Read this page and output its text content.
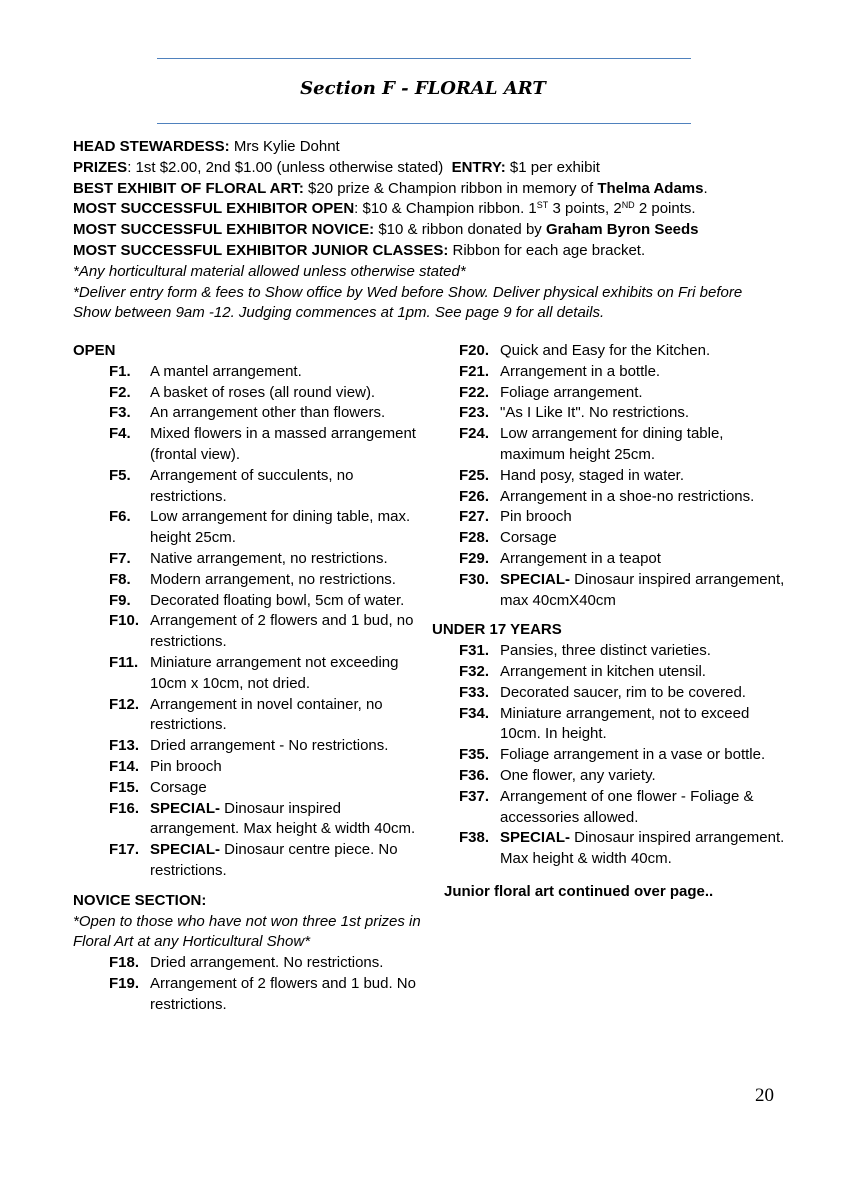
Section F - FLORAL ART
HEAD STEWARDESS: Mrs Kylie Dohnt
PRIZES: 1st $2.00, 2nd $1.00 (unless otherwise stated)  ENTRY: $1 per exhibit
BEST EXHIBIT OF FLORAL ART: $20 prize & Champion ribbon in memory of Thelma Adams.
MOST SUCCESSFUL EXHIBITOR OPEN: $10 & Champion ribbon. 1ST 3 points, 2ND 2 points.
MOST SUCCESSFUL EXHIBITOR NOVICE: $10 & ribbon donated by Graham Byron Seeds
MOST SUCCESSFUL EXHIBITOR JUNIOR CLASSES: Ribbon for each age bracket.
*Any horticultural material allowed unless otherwise stated*
*Deliver entry form & fees to Show office by Wed before Show. Deliver physical exhibits on Fri before Show between 9am -12. Judging commences at 1pm. See page 9 for all details.
OPEN
F1.	A mantel arrangement.
F2.	A basket of roses (all round view).
F3.	An arrangement other than flowers.
F4.	Mixed flowers in a massed arrangement (frontal view).
F5.	Arrangement of succulents, no restrictions.
F6.	Low arrangement for dining table, max. height 25cm.
F7.	Native arrangement, no restrictions.
F8.	Modern arrangement, no restrictions.
F9.	Decorated floating bowl, 5cm of water.
F10. Arrangement of 2 flowers and 1 bud, no restrictions.
F11. Miniature arrangement not exceeding 10cm x 10cm, not dried.
F12. Arrangement in novel container, no restrictions.
F13. Dried arrangement - No restrictions.
F14. Pin brooch
F15. Corsage
F16. SPECIAL- Dinosaur inspired arrangement. Max height & width 40cm.
F17. SPECIAL- Dinosaur centre piece. No restrictions.
NOVICE SECTION:
*Open to those who have not won three 1st prizes in Floral Art at any Horticultural Show*
F18. Dried arrangement. No restrictions.
F19. Arrangement of 2 flowers and 1 bud. No restrictions.
F20. Quick and Easy for the Kitchen.
F21. Arrangement in a bottle.
F22. Foliage arrangement.
F23. "As I Like It". No restrictions.
F24. Low arrangement for dining table, maximum height 25cm.
F25. Hand posy, staged in water.
F26. Arrangement in a shoe-no restrictions.
F27. Pin brooch
F28. Corsage
F29. Arrangement in a teapot
F30. SPECIAL- Dinosaur inspired arrangement, max 40cmX40cm
UNDER 17 YEARS
F31. Pansies, three distinct varieties.
F32. Arrangement in kitchen utensil.
F33. Decorated saucer, rim to be covered.
F34. Miniature arrangement, not to exceed 10cm. In height.
F35. Foliage arrangement in a vase or bottle.
F36. One flower, any variety.
F37. Arrangement of one flower - Foliage & accessories allowed.
F38. SPECIAL- Dinosaur inspired arrangement. Max height & width 40cm.
Junior floral art continued over page..
20
